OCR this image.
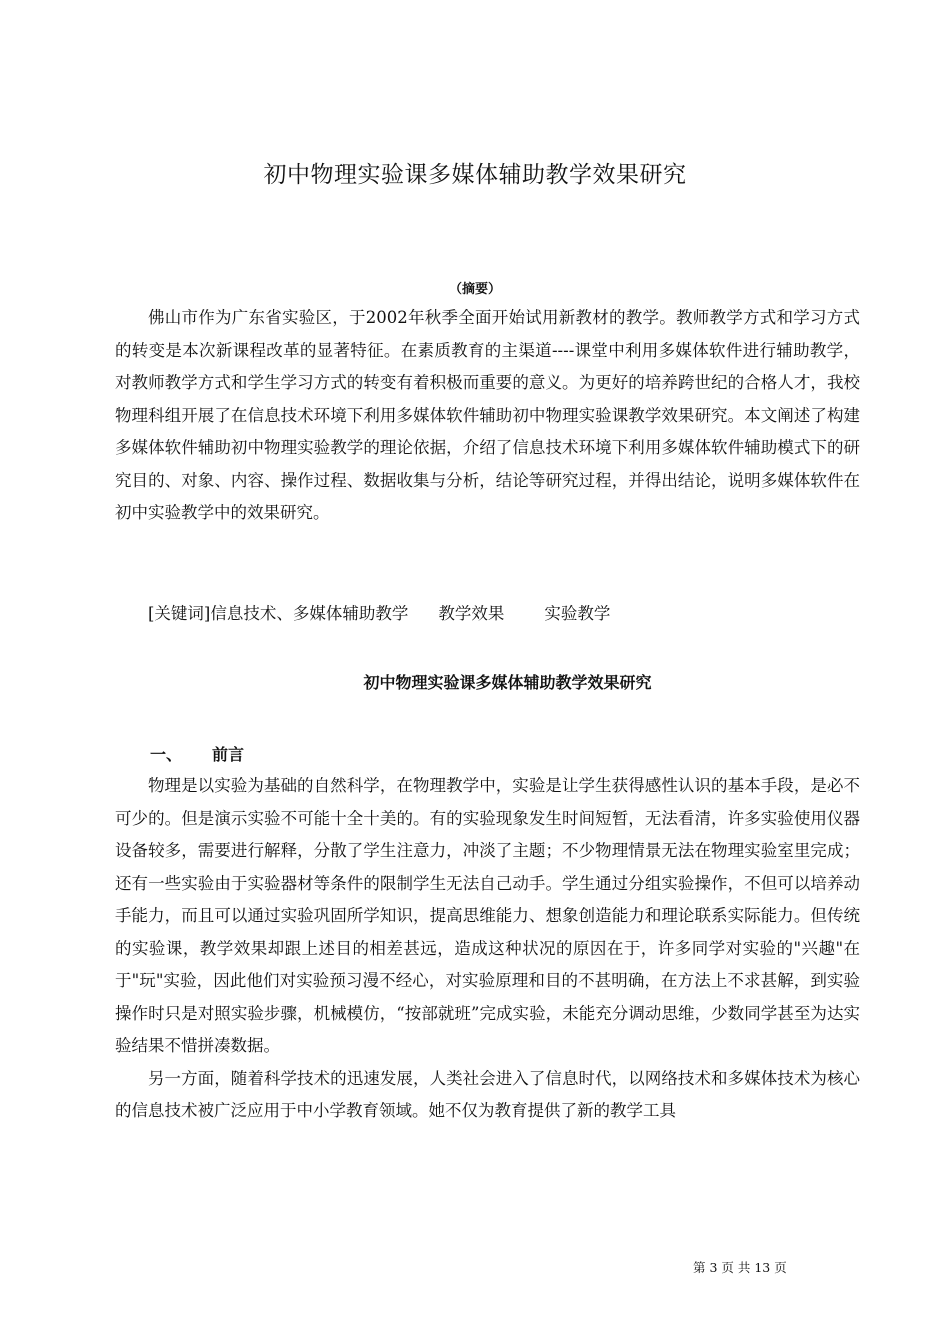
初中物理实验课多媒体辅助教学效果研究
（摘要）

佛山市作为广东省实验区，于2002年秋季全面开始试用新教材的教学。教师教学方式和学习方式的转变是本次新课程改革的显著特征。在素质教育的主渠道----课堂中利用多媒体软件进行辅助教学，对教师教学方式和学生学习方式的转变有着积极而重要的意义。为更好的培养跨世纪的合格人才，我校物理科组开展了在信息技术环境下利用多媒体软件辅助初中物理实验课教学效果研究。本文阐述了构建多媒体软件辅助初中物理实验教学的理论依据，介绍了信息技术环境下利用多媒体软件辅助模式下的研究目的、对象、内容、操作过程、数据收集与分析，结论等研究过程，并得出结论，说明多媒体软件在初中实验教学中的效果研究。

[关键词]信息技术、多媒体辅助教学 教学效果 实验教学
初中物理实验课多媒体辅助教学效果研究
一、 前言

物理是以实验为基础的自然科学，在物理教学中，实验是让学生获得感性认识的基本手段，是必不可少的。但是演示实验不可能十全十美的。有的实验现象发生时间短暂，无法看清，许多实验使用仪器设备较多，需要进行解释，分散了学生注意力，冲淡了主题；不少物理情景无法在物理实验室里完成；还有一些实验由于实验器材等条件的限制学生无法自己动手。学生通过分组实验操作，不但可以培养动手能力，而且可以通过实验巩固所学知识，提高思维能力、想象创造能力和理论联系实际能力。但传统的实验课，教学效果却跟上述目的相差甚远，造成这种状况的原因在于，许多同学对实验的"兴趣"在于"玩"实验，因此他们对实验预习漫不经心，对实验原理和目的不甚明确，在方法上不求甚解，到实验操作时只是对照实验步骤，机械模仿，“按部就班”完成实验，未能充分调动思维，少数同学甚至为达实验结果不惜拼凑数据。

另一方面，随着科学技术的迅速发展，人类社会进入了信息时代，以网络技术和多媒体技术为核心的信息技术被广泛应用于中小学教育领域。她不仅为教育提供了新的教学工具

第 3 页 共 13 页
